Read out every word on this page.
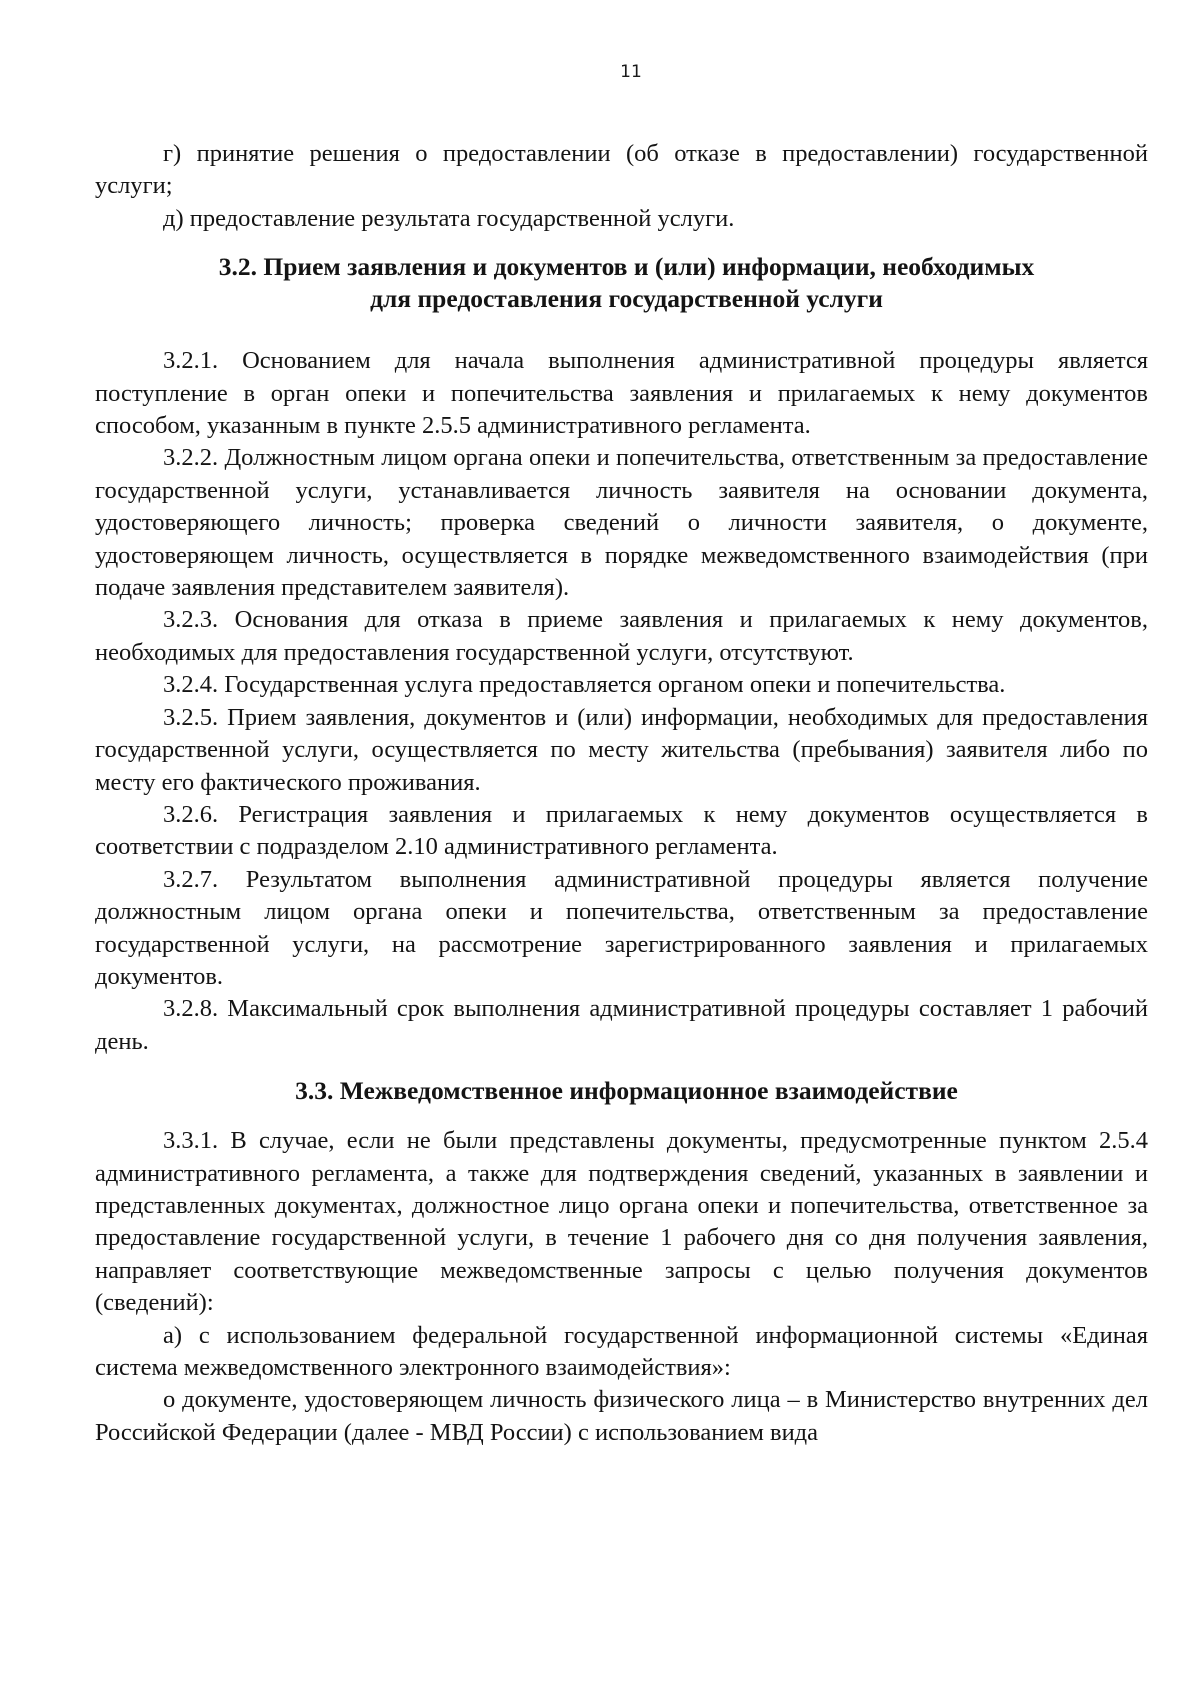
11

г) принятие решения о предоставлении (об отказе в предоставлении) государственной услуги;

д) предоставление результата государственной услуги.

3.2. Прием заявления и документов и (или) информации, необходимых
для предоставления государственной услуги

3.2.1. Основанием для начала выполнения административной процедуры является поступление в орган опеки и попечительства заявления и прилагаемых к нему документов способом, указанным в пункте 2.5.5 административного регламента.

3.2.2. Должностным лицом органа опеки и попечительства, ответственным за предоставление государственной услуги, устанавливается личность заявителя на основании документа, удостоверяющего личность; проверка сведений о личности заявителя, о документе, удостоверяющем личность, осуществляется в порядке межведомственного взаимодействия (при подаче заявления представителем заявителя).

3.2.3. Основания для отказа в приеме заявления и прилагаемых к нему документов, необходимых для предоставления государственной услуги, отсутствуют.

3.2.4. Государственная услуга предоставляется органом опеки и попечительства.

3.2.5. Прием заявления, документов и (или) информации, необходимых для предоставления государственной услуги, осуществляется по месту жительства (пребывания) заявителя либо по месту его фактического проживания.

3.2.6. Регистрация заявления и прилагаемых к нему документов осуществляется в соответствии с подразделом 2.10 административного регламента.

3.2.7. Результатом выполнения административной процедуры является получение должностным лицом органа опеки и попечительства, ответственным за предоставление государственной услуги, на рассмотрение зарегистрированного заявления и прилагаемых документов.

3.2.8. Максимальный срок выполнения административной процедуры составляет 1 рабочий день.

3.3. Межведомственное информационное взаимодействие

3.3.1. В случае, если не были представлены документы, предусмотренные пунктом 2.5.4 административного регламента, а также для подтверждения сведений, указанных в заявлении и представленных документах, должностное лицо органа опеки и попечительства, ответственное за предоставление государственной услуги, в течение 1 рабочего дня со дня получения заявления, направляет соответствующие межведомственные запросы с целью получения документов (сведений):

а) с использованием федеральной государственной информационной системы «Единая система межведомственного электронного взаимодействия»:

о документе, удостоверяющем личность физического лица – в Министерство внутренних дел Российской Федерации (далее - МВД России) с использованием вида
